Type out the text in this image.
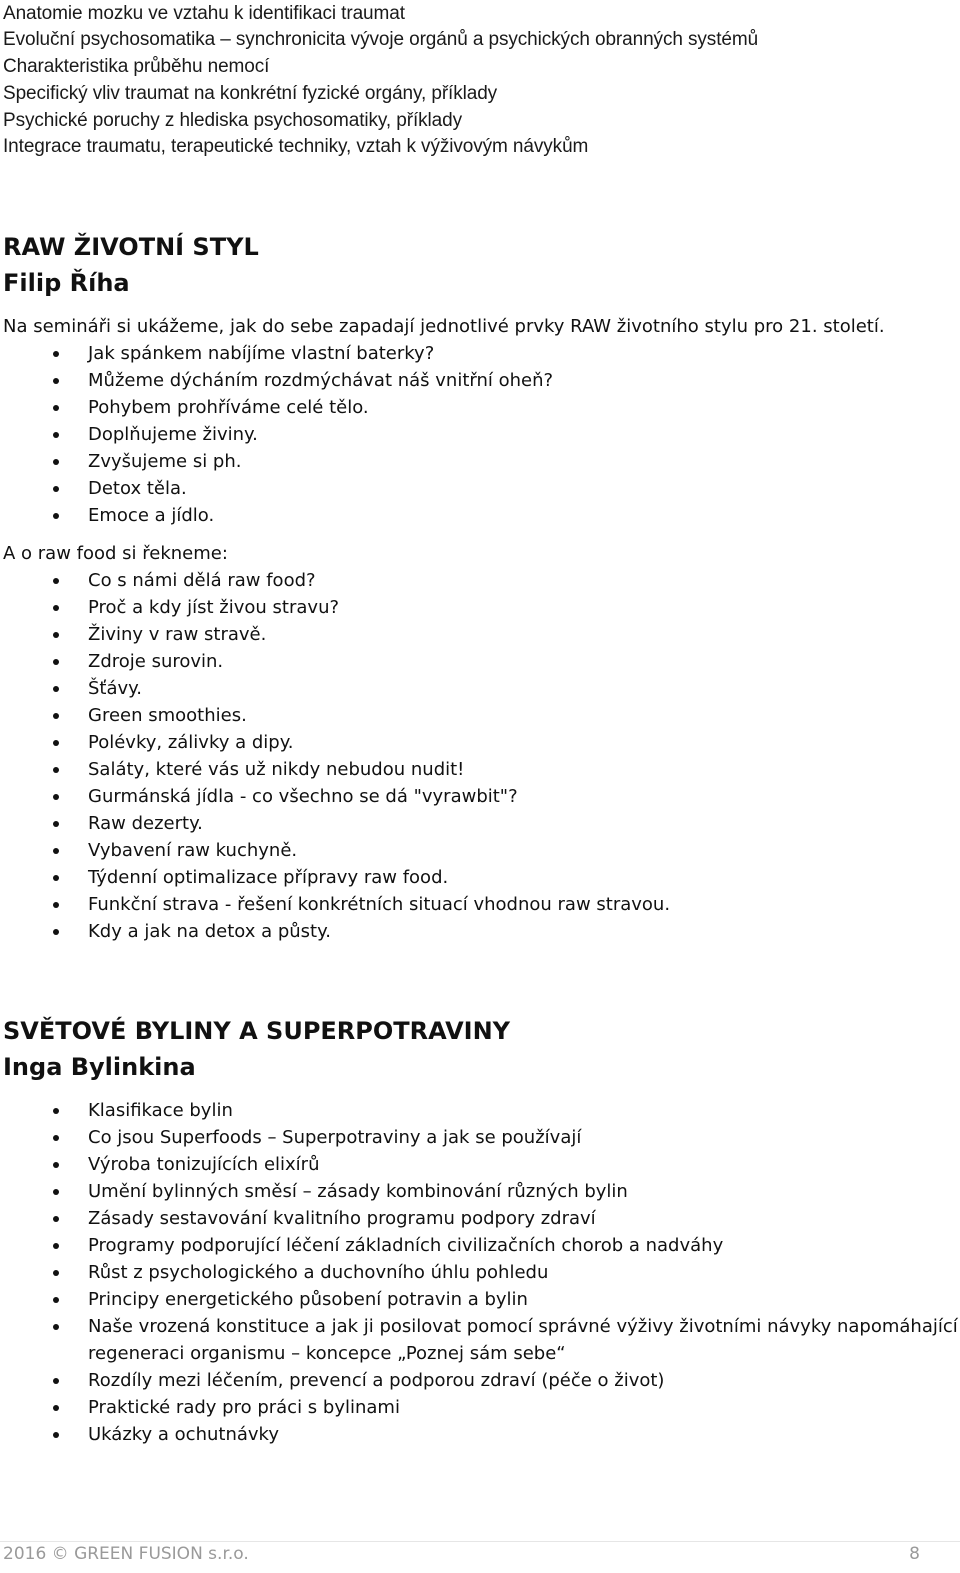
Anatomie mozku ve vztahu k identifikaci traumat
Evoluční psychosomatika – synchronicita vývoje orgánů a psychických obranných systémů
Charakteristika průběhu nemocí
Specifický vliv traumat na konkrétní fyzické orgány, příklady
Psychické poruchy z hlediska psychosomatiky, příklady
Integrace traumatu, terapeutické techniky, vztah k výživovým návykům
RAW ŽIVOTNÍ STYL
Filip Říha
Na semináři si ukážeme, jak do sebe zapadají jednotlivé prvky RAW životního stylu pro 21. století.
Jak spánkem nabíjíme vlastní baterky?
Můžeme dýcháním rozdmýchávat náš vnitřní oheň?
Pohybem prohříváme celé tělo.
Doplňujeme živiny.
Zvyšujeme si ph.
Detox těla.
Emoce a jídlo.
A o raw food si řekneme:
Co s námi dělá raw food?
Proč a kdy jíst živou stravu?
Živiny v raw stravě.
Zdroje surovin.
Šťávy.
Green smoothies.
Polévky, zálivky a dipy.
Saláty, které vás už nikdy nebudou nudit!
Gurmánská jídla - co všechno se dá "vyrawbit"?
Raw dezerty.
Vybavení raw kuchyně.
Týdenní optimalizace přípravy raw food.
Funkční strava - řešení konkrétních situací vhodnou raw stravou.
Kdy a jak na detox a půsty.
SVĚTOVÉ BYLINY A SUPERPOTRAVINY
Inga Bylinkina
Klasifikace bylin
Co jsou Superfoods – Superpotraviny a jak se používají
Výroba tonizujících elixírů
Umění bylinných směsí – zásady kombinování různých bylin
Zásady sestavování kvalitního programu podpory zdraví
Programy podporující léčení základních civilizačních chorob a nadváhy
Růst z psychologického a duchovního úhlu pohledu
Principy energetického působení potravin a bylin
Naše vrozená konstituce a jak ji posilovat pomocí správné výživy životními návyky napomáhající
regeneraci organismu – koncepce „Poznej sám sebe“
Rozdíly mezi léčením, prevencí a podporou zdraví (péče o život)
Praktické rady pro práci s bylinami
Ukázky a ochutnávky
2016 © GREEN FUSION s.r.o.	8
